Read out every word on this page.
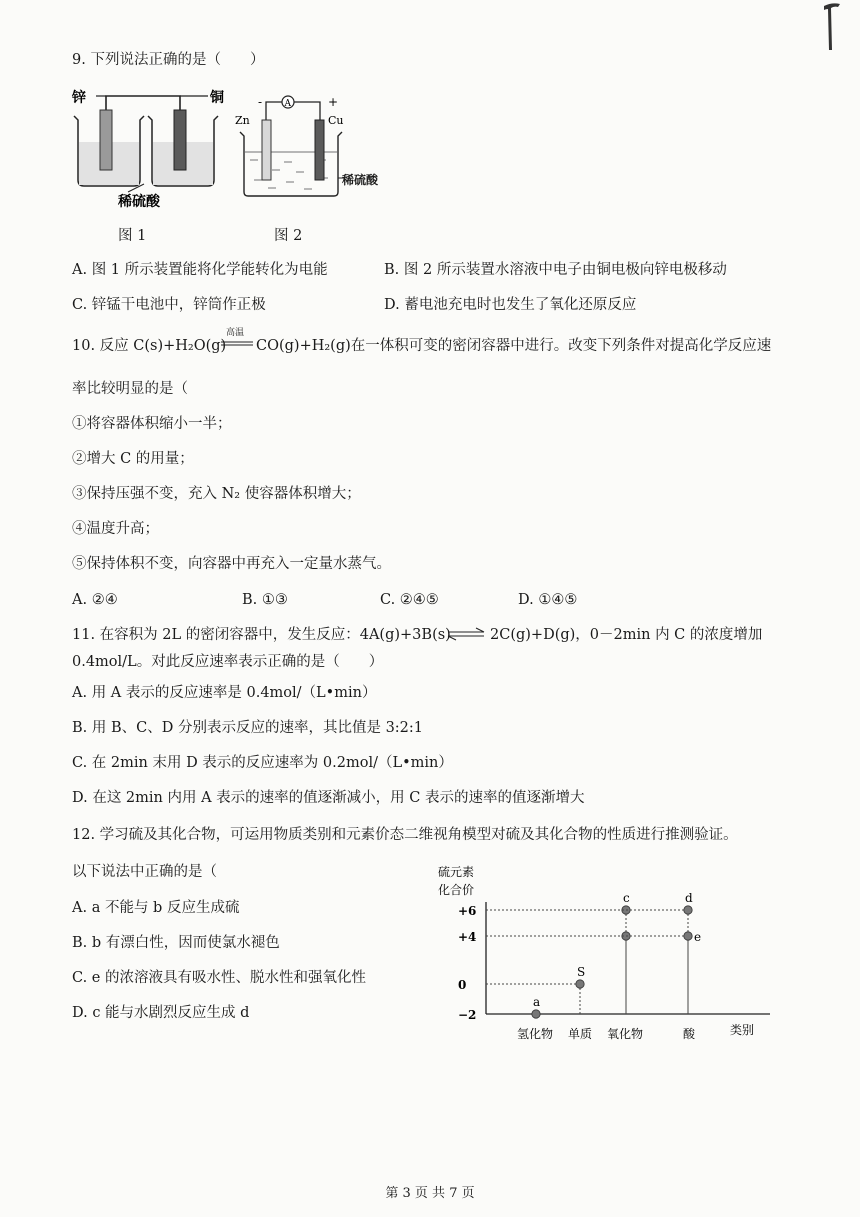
9. 下列说法正确的是（　　）
锌	铜
稀硫酸
图 1
-	+
A
Zn	Cu
稀硫酸
图 2
A. 图 1 所示装置能将化学能转化为电能	B. 图 2 所示装置水溶液中电子由铜电极向锌电极移动
C. 锌锰干电池中，锌筒作正极	D. 蓄电池充电时也发生了氧化还原反应
10. 反应 C(s)+H₂O(g)
高温
CO(g)+H₂(g)在一体积可变的密闭容器中进行。改变下列条件对提高化学反应速
率比较明显的是（
①将容器体积缩小一半；
②增大 C 的用量；
③保持压强不变，充入 N₂ 使容器体积增大；
④温度升高；
⑤保持体积不变，向容器中再充入一定量水蒸气。
A. ②④	B. ①③	C. ②④⑤	D. ①④⑤
11. 在容积为 2L 的密闭容器中，发生反应：4A(g)+3B(s)	2C(g)+D(g)，0－2min 内 C 的浓度增加
0.4mol/L。对此反应速率表示正确的是（　　）
A. 用 A 表示的反应速率是 0.4mol/（L•min）
B. 用 B、C、D 分别表示反应的速率，其比值是 3:2:1
C. 在 2min 末用 D 表示的反应速率为 0.2mol/（L•min）
D. 在这 2min 内用 A 表示的速率的值逐渐减小，用 C 表示的速率的值逐渐增大
12. 学习硫及其化合物，可运用物质类别和元素价态二维视角模型对硫及其化合物的性质进行推测验证。
以下说法中正确的是（
A. a 不能与 b 反应生成硫
B. b 有漂白性，因而使氯水褪色
C. e 的浓溶液具有吸水性、脱水性和强氧化性
D. c 能与水剧烈反应生成 d
硫元素
化合价
+6
+4
0
−2
氢化物 单质 氧化物	酸	类别
a
S
c	d
e
第 3 页 共 7 页
